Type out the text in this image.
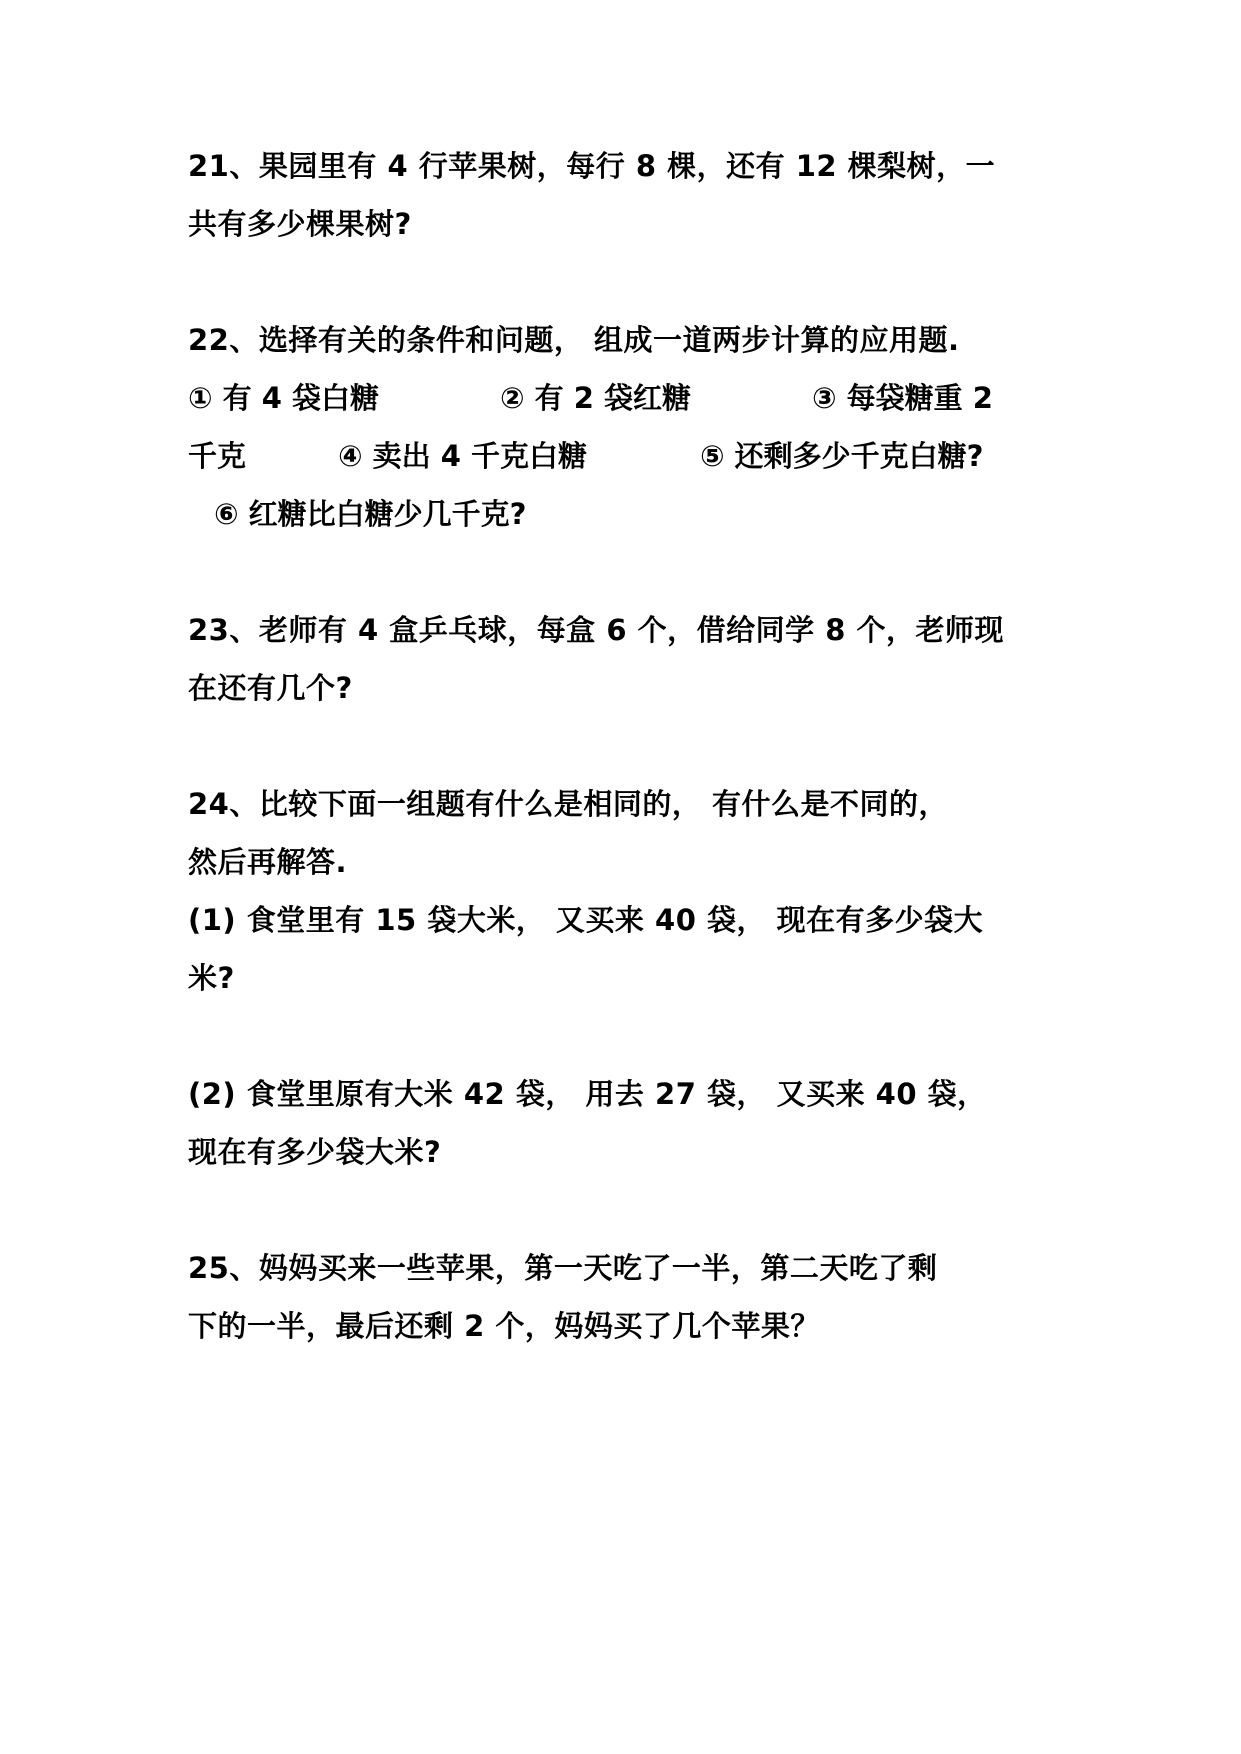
21、果园里有 4 行苹果树，每行 8 棵，还有 12 棵梨树，一
共有多少棵果树?
22、选择有关的条件和问题， 组成一道两步计算的应用题.
① 有 4 袋白糖	② 有 2 袋红糖	③ 每袋糖重 2
千克	④ 卖出 4 千克白糖	⑤ 还剩多少千克白糖?
⑥ 红糖比白糖少几千克?
23、老师有 4 盒乒乓球，每盒 6 个，借给同学 8 个，老师现
在还有几个?
24、比较下面一组题有什么是相同的， 有什么是不同的，
然后再解答.
(1) 食堂里有 15 袋大米， 又买来 40 袋， 现在有多少袋大
米?
(2) 食堂里原有大米 42 袋， 用去 27 袋， 又买来 40 袋，
现在有多少袋大米?
25、妈妈买来一些苹果，第一天吃了一半，第二天吃了剩
下的一半，最后还剩 2 个，妈妈买了几个苹果？
